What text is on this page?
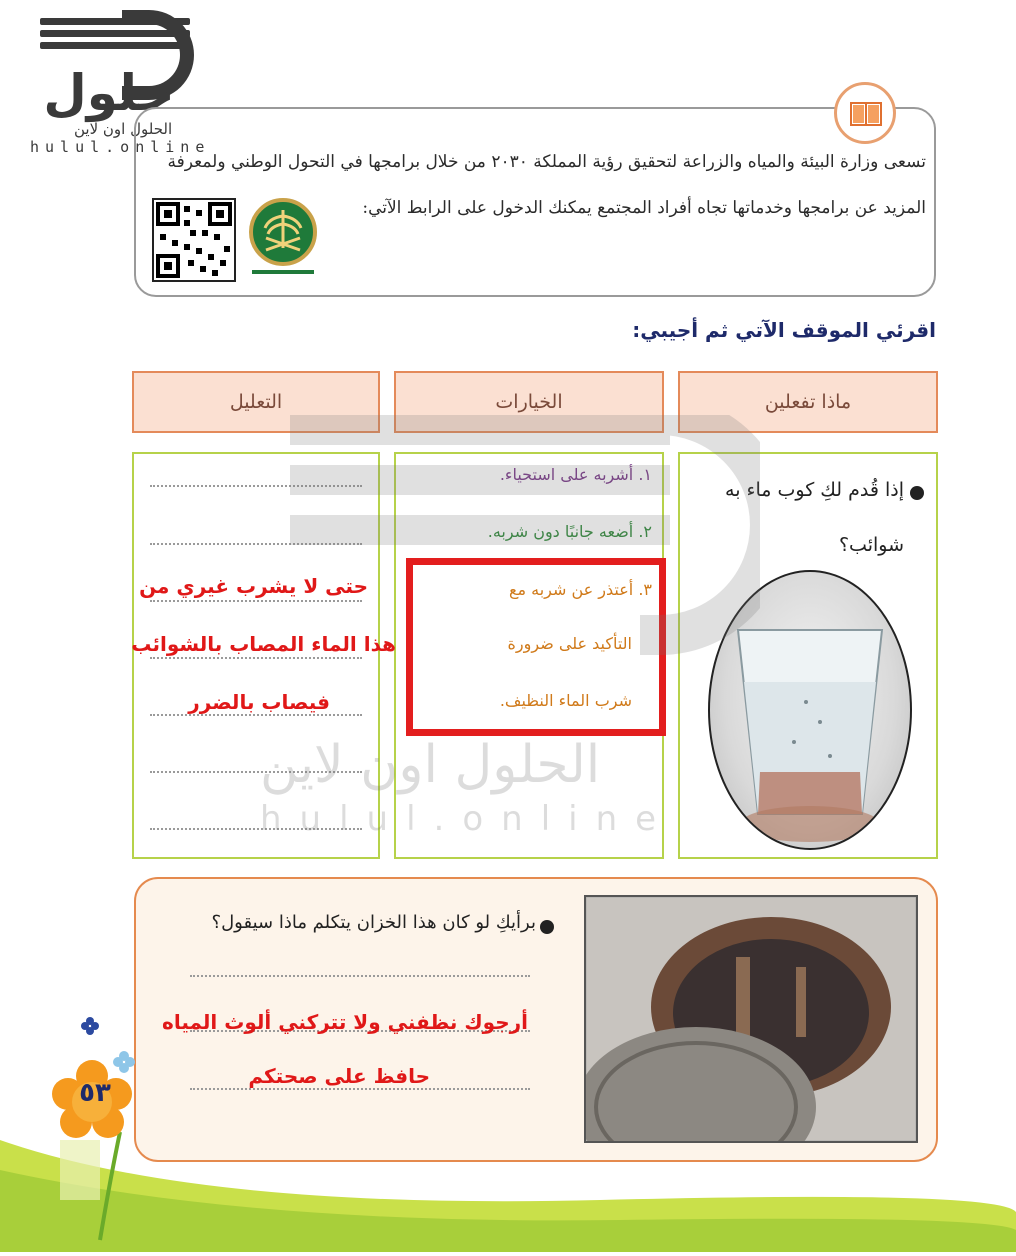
حلول
الحلول اون لاين
hulul.online
تسعى وزارة البيئة والمياه والزراعة لتحقيق رؤية المملكة ٢٠٣٠ من خلال برامجها في التحول الوطني ولمعرفة
المزيد عن برامجها وخدماتها تجاه أفراد المجتمع يمكنك الدخول على الرابط الآتي:
اقرئي الموقف الآتي ثم أجيبي:
ماذا تفعلين
الخيارات
التعليل
إذا قُدم لكِ كوب ماء به
شوائب؟
١. أشربه على استحياء.
٢. أضعه جانبًا دون شربه.
٣. أعتذر عن شربه مع
التأكيد على ضرورة
شرب الماء النظيف.
حتى لا يشرب غيري من
هذا الماء المصاب بالشوائب
فيصاب بالضرر
الحلول اون لاين
hulul.online
برأيكِ لو كان هذا الخزان يتكلم ماذا سيقول؟
أرجوك نظفني ولا تتركني ألوث المياه
حافظ على صحتكم
٥٣
